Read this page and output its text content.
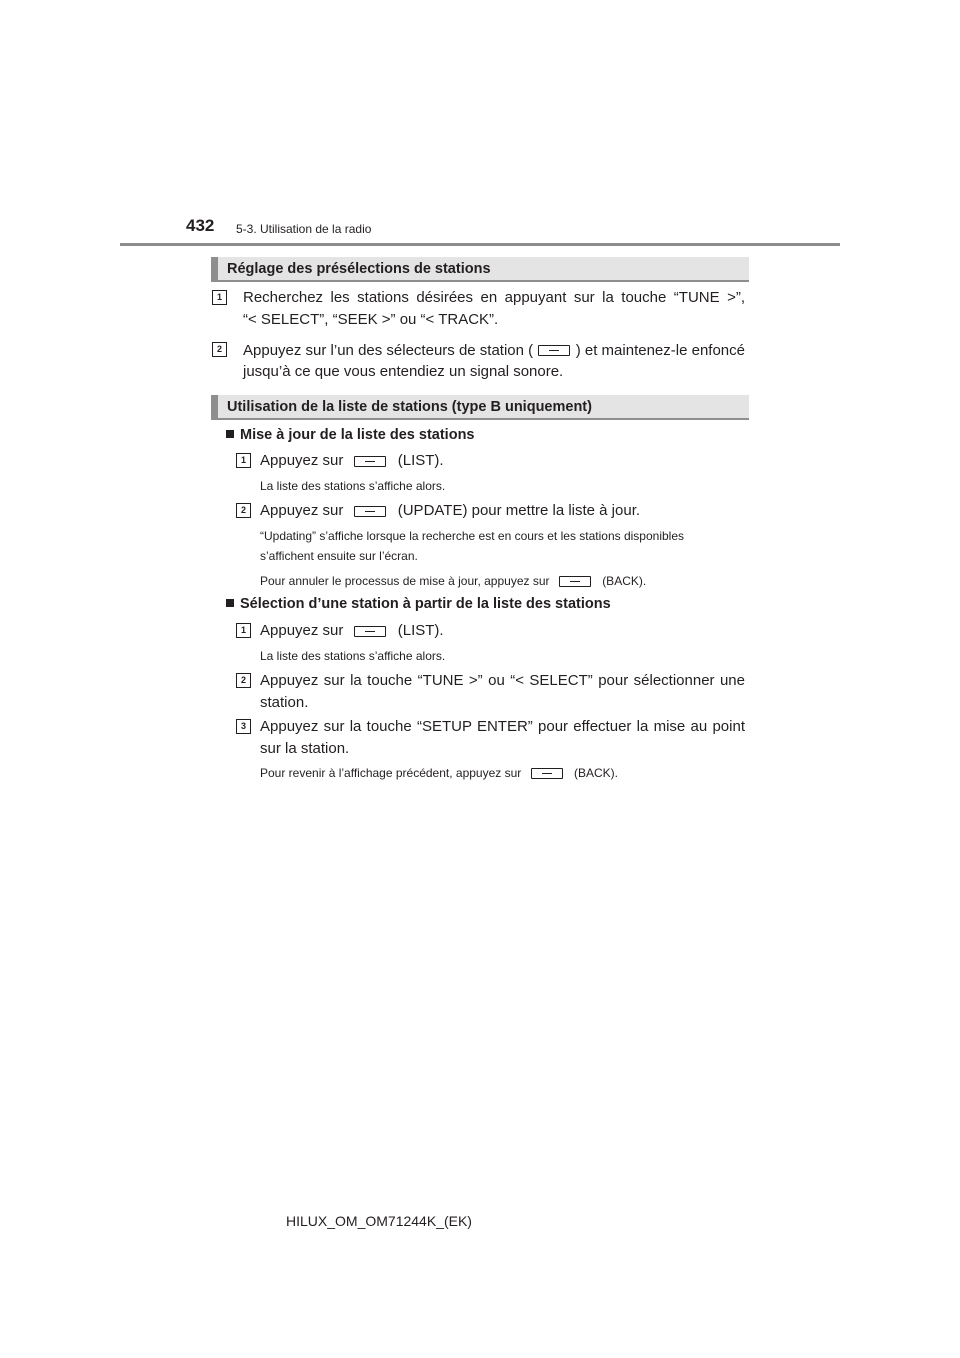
432 5-3. Utilisation de la radio
Réglage des présélections de stations
1	Recherchez les stations désirées en appuyant sur la touche “TUNE >”,
“< SELECT”, “SEEK >” ou “< TRACK”.
2	Appuyez sur l’un des sélecteurs de station (	) et maintenez-le enfoncé
jusqu’à ce que vous entendiez un signal sonore.
Utilisation de la liste de stations (type B uniquement)
Mise à jour de la liste des stations
1 Appuyez sur	(LIST).
La liste des stations s’affiche alors.
2 Appuyez sur	(UPDATE) pour mettre la liste à jour.
“Updating” s’affiche lorsque la recherche est en cours et les stations disponibles
s’affichent ensuite sur l’écran.
Pour annuler le processus de mise à jour, appuyez sur	(BACK).
Sélection d’une station à partir de la liste des stations
1 Appuyez sur	(LIST).
La liste des stations s’affiche alors.
2 Appuyez sur la touche “TUNE >” ou “< SELECT” pour sélectionner une
station.
3 Appuyez sur la touche “SETUP ENTER” pour effectuer la mise au point
sur la station.
Pour revenir à l’affichage précédent, appuyez sur	(BACK).
HILUX_OM_OM71244K_(EK)
